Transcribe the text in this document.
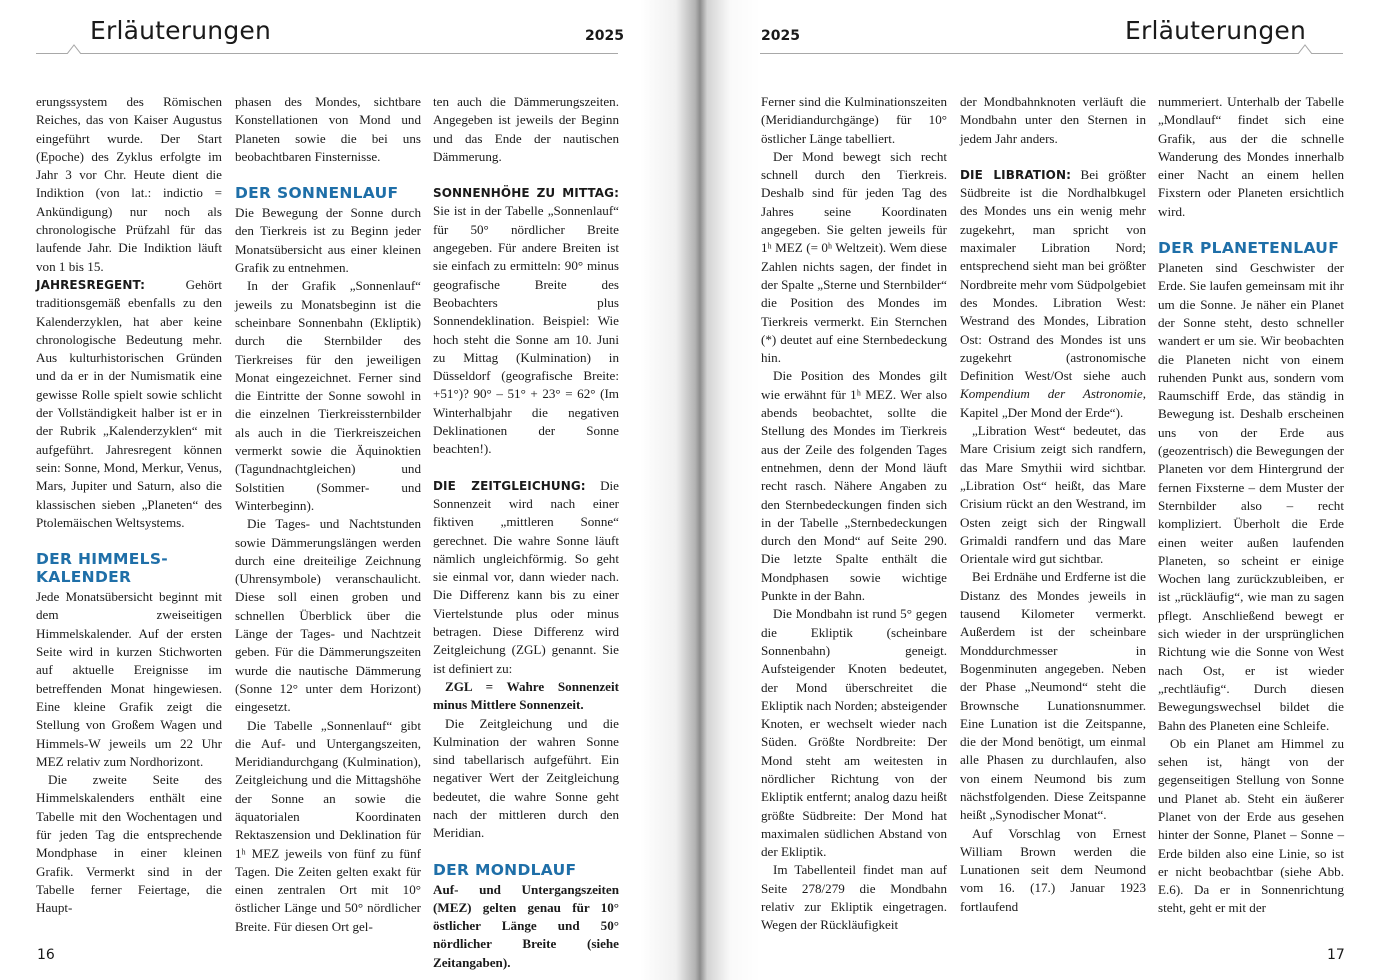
Erläuterungen	2025

erungssystem des Römischen Reiches, das von Kaiser Augustus eingeführt wurde. Der Start (Epoche) des Zyklus erfolgte im Jahr 3 vor Chr. Heute dient die Indiktion (von lat.: indictio = Ankündigung) nur noch als chronologische Prüfzahl für das laufende Jahr. Die Indiktion läuft von 1 bis 15.

JAHRESREGENT: Gehört traditionsgemäß ebenfalls zu den Kalenderzyklen, hat aber keine chronologische Bedeutung mehr. Aus kulturhistorischen Gründen und da er in der Numismatik eine gewisse Rolle spielt sowie schlicht der Vollständigkeit halber ist er in der Rubrik „Kalenderzyklen“ mit aufgeführt. Jahresregent können sein: Sonne, Mond, Merkur, Venus, Mars, Jupiter und Saturn, also die klassischen sieben „Planeten“ des Ptolemäischen Weltsystems.

DER HIMMELS-
KALENDER

Jede Monatsübersicht beginnt mit dem zweiseitigen Himmelskalender. Auf der ersten Seite wird in kurzen Stichworten auf aktuelle Ereignisse im betreffenden Monat hingewiesen. Eine kleine Grafik zeigt die Stellung von Großem Wagen und Himmels-W jeweils um 22 Uhr MEZ relativ zum Nordhorizont.

Die zweite Seite des Himmelskalenders enthält eine Tabelle mit den Wochentagen und für jeden Tag die entsprechende Mondphase in einer kleinen Grafik. Vermerkt sind in der Tabelle ferner Feiertage, die Haupt-

phasen des Mondes, sichtbare Konstellationen von Mond und Planeten sowie die bei uns beobachtbaren Finsternisse.

DER SONNENLAUF

Die Bewegung der Sonne durch den Tierkreis ist zu Beginn jeder Monatsübersicht aus einer kleinen Grafik zu entnehmen.

In der Grafik „Sonnenlauf“ jeweils zu Monatsbeginn ist die scheinbare Sonnenbahn (Ekliptik) durch die Sternbilder des Tierkreises für den jeweiligen Monat eingezeichnet. Ferner sind die Eintritte der Sonne sowohl in die einzelnen Tierkreissternbilder als auch in die Tierkreiszeichen vermerkt sowie die Äquinoktien (Tagundnachtgleichen) und Solstitien (Sommer- und Winterbeginn).

Die Tages- und Nachtstunden sowie Dämmerungslängen werden durch eine dreiteilige Zeichnung (Uhrensymbole) veranschaulicht. Diese soll einen groben und schnellen Überblick über die Länge der Tages- und Nachtzeit geben. Für die Dämmerungszeiten wurde die nautische Dämmerung (Sonne 12° unter dem Horizont) eingesetzt.

Die Tabelle „Sonnenlauf“ gibt die Auf- und Untergangszeiten, Meridiandurchgang (Kulmination), Zeitgleichung und die Mittagshöhe der Sonne an sowie die äquatorialen Koordinaten Rektaszension und Deklination für 1ʰ MEZ jeweils von fünf zu fünf Tagen. Die Zeiten gelten exakt für einen zentralen Ort mit 10° östlicher Länge und 50° nördlicher Breite. Für diesen Ort gel-

ten auch die Dämmerungszeiten. Angegeben ist jeweils der Beginn und das Ende der nautischen Dämmerung.

SONNENHÖHE ZU MITTAG: Sie ist in der Tabelle „Sonnenlauf“ für 50° nördlicher Breite angegeben. Für andere Breiten ist sie einfach zu ermitteln: 90° minus geografische Breite des Beobachters plus Sonnendeklination. Beispiel: Wie hoch steht die Sonne am 10. Juni zu Mittag (Kulmination) in Düsseldorf (geografische Breite: +51°)? 90° – 51° + 23° = 62° (Im Winterhalbjahr die negativen Deklinationen der Sonne beachten!).

DIE ZEITGLEICHUNG: Die Sonnenzeit wird nach einer fiktiven „mittleren Sonne“ gerechnet. Die wahre Sonne läuft nämlich ungleichförmig. So geht sie einmal vor, dann wieder nach. Die Differenz kann bis zu einer Viertelstunde plus oder minus betragen. Diese Differenz wird Zeitgleichung (ZGL) genannt. Sie ist definiert zu:

ZGL = Wahre Sonnenzeit minus Mittlere Sonnenzeit.

Die Zeitgleichung und die Kulmination der wahren Sonne sind tabellarisch aufgeführt. Ein negativer Wert der Zeitgleichung bedeutet, die wahre Sonne geht nach der mittleren durch den Meridian.

DER MONDLAUF

Auf- und Untergangszeiten (MEZ) gelten genau für 10° östlicher Länge und 50° nördlicher Breite (siehe Zeitangaben).

16
2025	Erläuterungen

Ferner sind die Kulminationszeiten (Meridiandurchgänge) für 10° östlicher Länge tabelliert.

Der Mond bewegt sich recht schnell durch den Tierkreis. Deshalb sind für jeden Tag des Jahres seine Koordinaten angegeben. Sie gelten jeweils für 1ʰ MEZ (= 0ʰ Weltzeit). Wem diese Zahlen nichts sagen, der findet in der Spalte „Sterne und Sternbilder“ die Position des Mondes im Tierkreis vermerkt. Ein Sternchen (*) deutet auf eine Sternbedeckung hin.

Die Position des Mondes gilt wie erwähnt für 1ʰ MEZ. Wer also abends beobachtet, sollte die Stellung des Mondes im Tierkreis aus der Zeile des folgenden Tages entnehmen, denn der Mond läuft recht rasch. Nähere Angaben zu den Sternbedeckungen finden sich in der Tabelle „Sternbedeckungen durch den Mond“ auf Seite 290. Die letzte Spalte enthält die Mondphasen sowie wichtige Punkte in der Bahn.

Die Mondbahn ist rund 5° gegen die Ekliptik (scheinbare Sonnenbahn) geneigt. Aufsteigender Knoten bedeutet, der Mond überschreitet die Ekliptik nach Norden; absteigender Knoten, er wechselt wieder nach Süden. Größte Nordbreite: Der Mond steht am weitesten in nördlicher Richtung von der Ekliptik entfernt; analog dazu heißt größte Südbreite: Der Mond hat maximalen südlichen Abstand von der Ekliptik.

Im Tabellenteil findet man auf Seite 278/279 die Mondbahn relativ zur Ekliptik eingetragen. Wegen der Rückläufigkeit

der Mondbahnknoten verläuft die Mondbahn unter den Sternen in jedem Jahr anders.

DIE LIBRATION: Bei größter Südbreite ist die Nordhalbkugel des Mondes uns ein wenig mehr zugekehrt, man spricht von maximaler Libration Nord; entsprechend sieht man bei größter Nordbreite mehr vom Südpolgebiet des Mondes. Libration West: Westrand des Mondes, Libration Ost: Ostrand des Mondes ist uns zugekehrt (astronomische Definition West/Ost siehe auch Kompendium der Astronomie, Kapitel „Der Mond der Erde“).

„Libration West“ bedeutet, das Mare Crisium zeigt sich randfern, das Mare Smythii wird sichtbar. „Libration Ost“ heißt, das Mare Crisium rückt an den Westrand, im Osten zeigt sich der Ringwall Grimaldi randfern und das Mare Orientale wird gut sichtbar.

Bei Erdnähe und Erdferne ist die Distanz des Mondes jeweils in tausend Kilometer vermerkt. Außerdem ist der scheinbare Monddurchmesser in Bogenminuten angegeben. Neben der Phase „Neumond“ steht die Brownsche Lunationsnummer. Eine Lunation ist die Zeitspanne, die der Mond benötigt, um einmal alle Phasen zu durchlaufen, also von einem Neumond bis zum nächstfolgenden. Diese Zeitspanne heißt „Synodischer Monat“.

Auf Vorschlag von Ernest William Brown werden die Lunationen seit dem Neumond vom 16. (17.) Januar 1923 fortlaufend

nummeriert. Unterhalb der Tabelle „Mondlauf“ findet sich eine Grafik, aus der die schnelle Wanderung des Mondes innerhalb einer Nacht an einem hellen Fixstern oder Planeten ersichtlich wird.

DER PLANETENLAUF

Planeten sind Geschwister der Erde. Sie laufen gemeinsam mit ihr um die Sonne. Je näher ein Planet der Sonne steht, desto schneller wandert er um sie. Wir beobachten die Planeten nicht von einem ruhenden Punkt aus, sondern vom Raumschiff Erde, das ständig in Bewegung ist. Deshalb erscheinen uns von der Erde aus (geozentrisch) die Bewegungen der Planeten vor dem Hintergrund der fernen Fixsterne – dem Muster der Sternbilder also – recht kompliziert. Überholt die Erde einen weiter außen laufenden Planeten, so scheint er einige Wochen lang zurückzubleiben, er ist „rückläufig“, wie man zu sagen pflegt. Anschließend bewegt er sich wieder in der ursprünglichen Richtung wie die Sonne von West nach Ost, er ist wieder „rechtläufig“. Durch diesen Bewegungswechsel bildet die Bahn des Planeten eine Schleife.

Ob ein Planet am Himmel zu sehen ist, hängt von der gegenseitigen Stellung von Sonne und Planet ab. Steht ein äußerer Planet von der Erde aus gesehen hinter der Sonne, Planet – Sonne – Erde bilden also eine Linie, so ist er nicht beobachtbar (siehe Abb. E.6). Da er in Sonnenrichtung steht, geht er mit der

17
